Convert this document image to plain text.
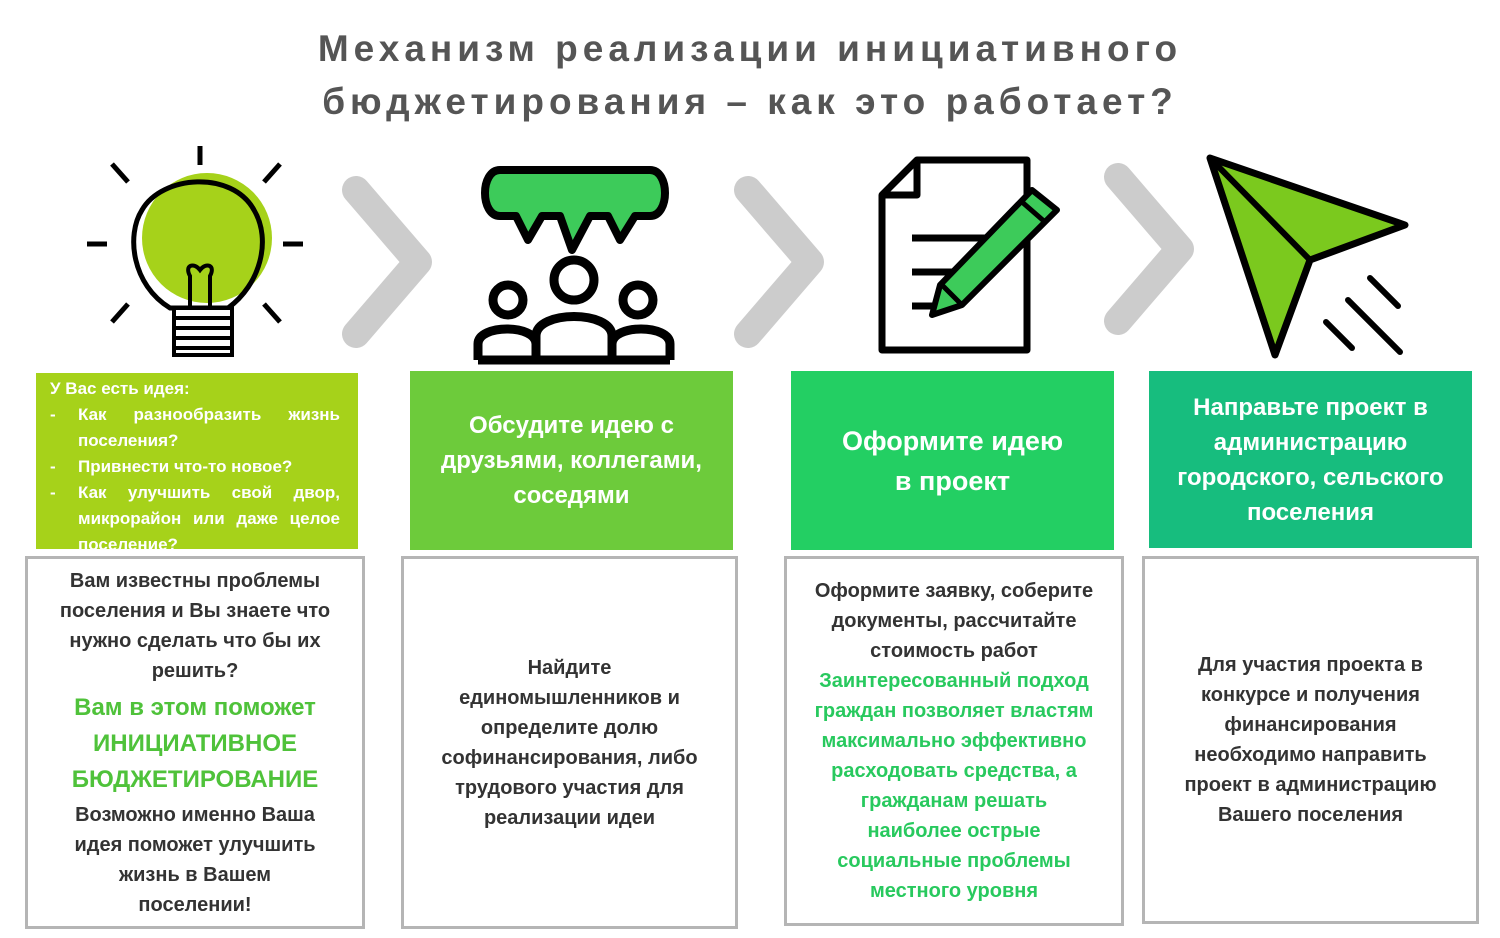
Механизм реализации инициативного
бюджетирования – как это работает?
У Вас есть идея:
- Как разнообразить жизнь поселения?
- Привнести что-то новое?
- Как улучшить свой двор, микрорайон или даже целое поселение?
Обсудите идею с
друзьями, коллегами,
соседями
Оформите идею
в проект
Направьте проект в
администрацию
городского, сельского
поселения
Вам известны проблемы
поселения и Вы знаете что
нужно сделать что бы их
решить?
Вам в этом поможет
ИНИЦИАТИВНОЕ
БЮДЖЕТИРОВАНИЕ
Возможно именно Ваша
идея поможет улучшить
жизнь в Вашем
поселении!
Найдите
единомышленников и
определите долю
софинансирования, либо
трудового участия для
реализации идеи
Оформите заявку, соберите
документы, рассчитайте
стоимость работ
Заинтересованный подход
граждан позволяет властям
максимально эффективно
расходовать средства, а
гражданам решать
наиболее острые
социальные проблемы
местного уровня
Для участия проекта в
конкурсе и получения
финансирования
необходимо направить
проект в администрацию
Вашего поселения
